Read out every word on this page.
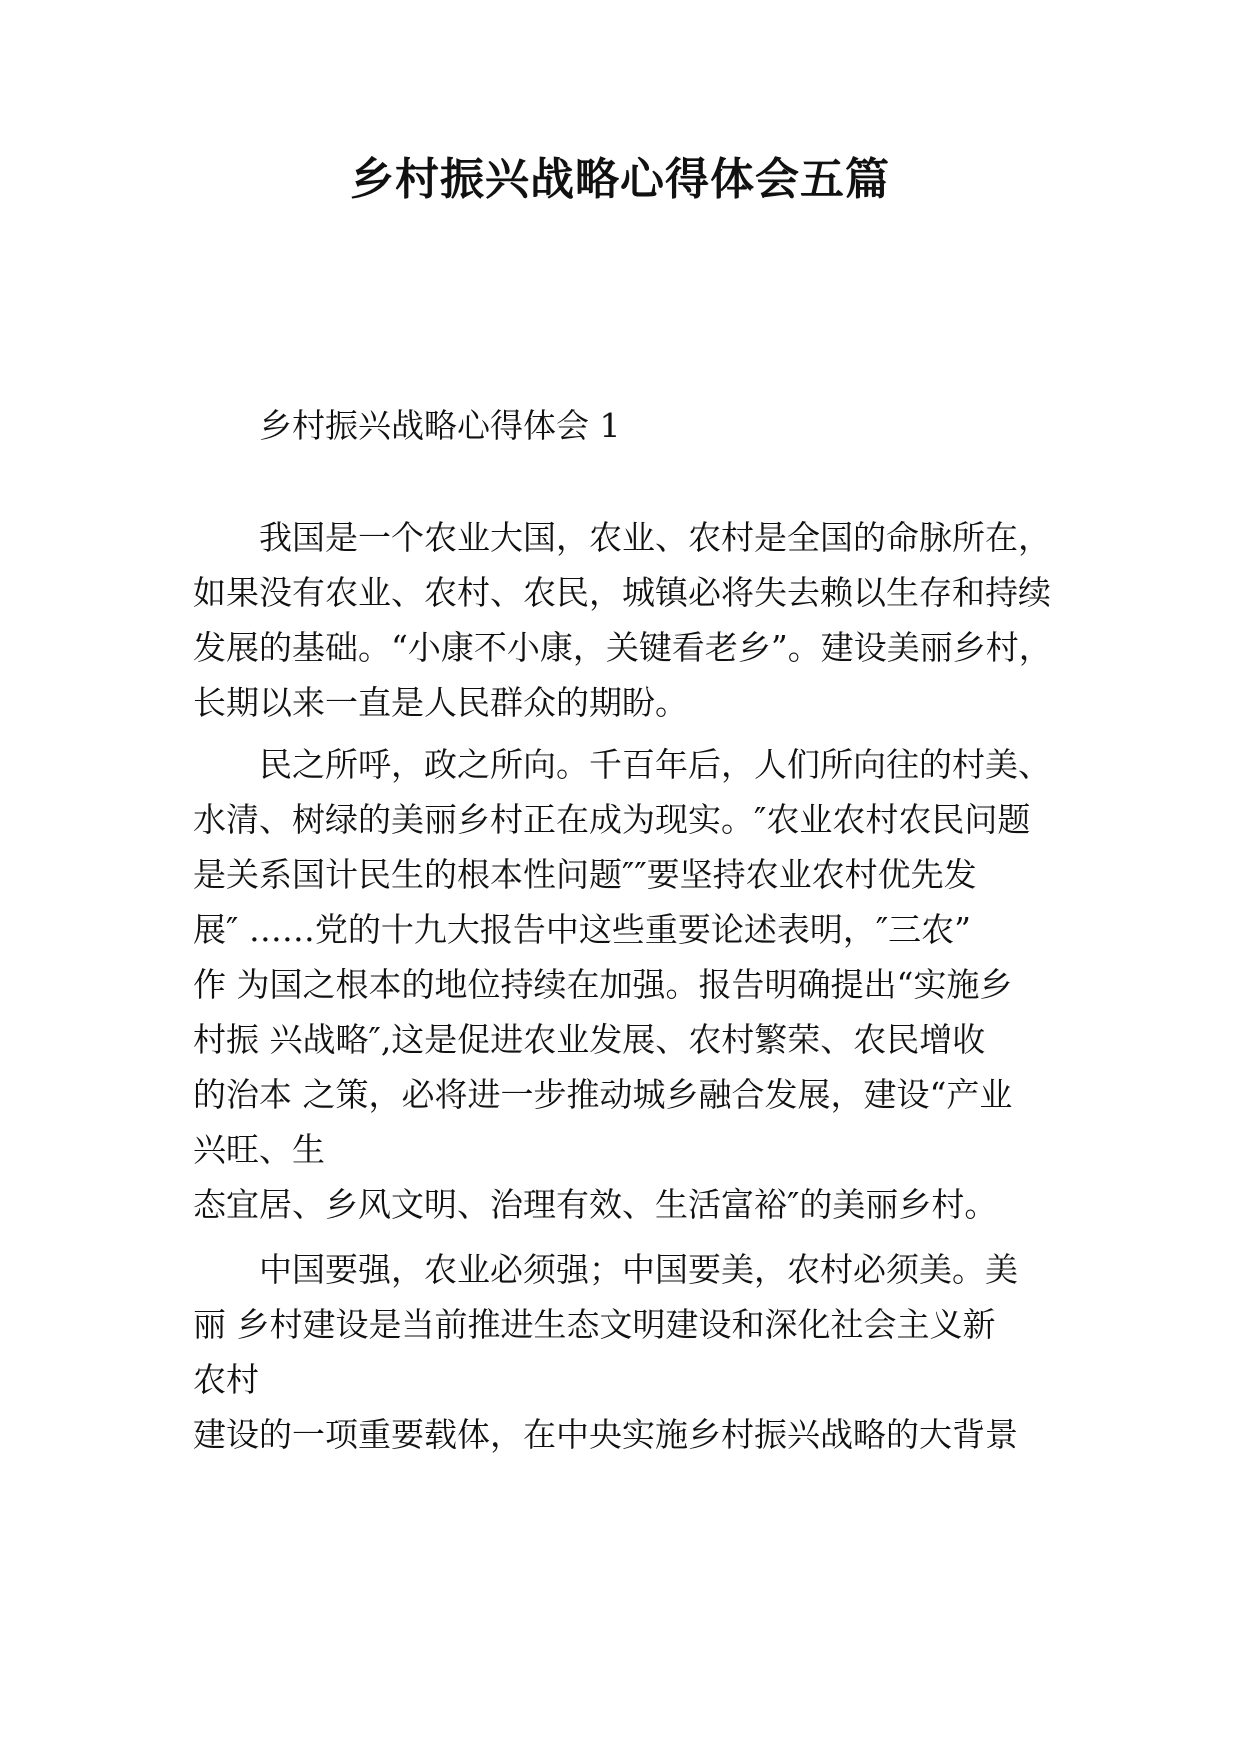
乡村振兴战略心得体会五篇

乡村振兴战略心得体会 1

我国是一个农业大国，农业、农村是全国的命脉所在，
如果没有农业、农村、农民，城镇必将失去赖以生存和持续
发展的基础。“小康不小康，关键看老乡”。建设美丽乡村，
长期以来一直是人民群众的期盼。
民之所呼，政之所向。千百年后，人们所向往的村美、
水清、树绿的美丽乡村正在成为现实。″农业农村农民问题
是关系国计民生的根本性问题″″要坚持农业农村优先发
展″ ……党的十九大报告中这些重要论述表明，″三农”
作 为国之根本的地位持续在加强。报告明确提出“实施乡
村振 兴战略″,这是促进农业发展、农村繁荣、农民增收
的治本 之策，必将进一步推动城乡融合发展，建设“产业
兴旺、生
态宜居、乡风文明、治理有效、生活富裕″的美丽乡村。
中国要强，农业必须强；中国要美，农村必须美。美
丽 乡村建设是当前推进生态文明建设和深化社会主义新
农村
建设的一项重要载体，在中央实施乡村振兴战略的大背景
